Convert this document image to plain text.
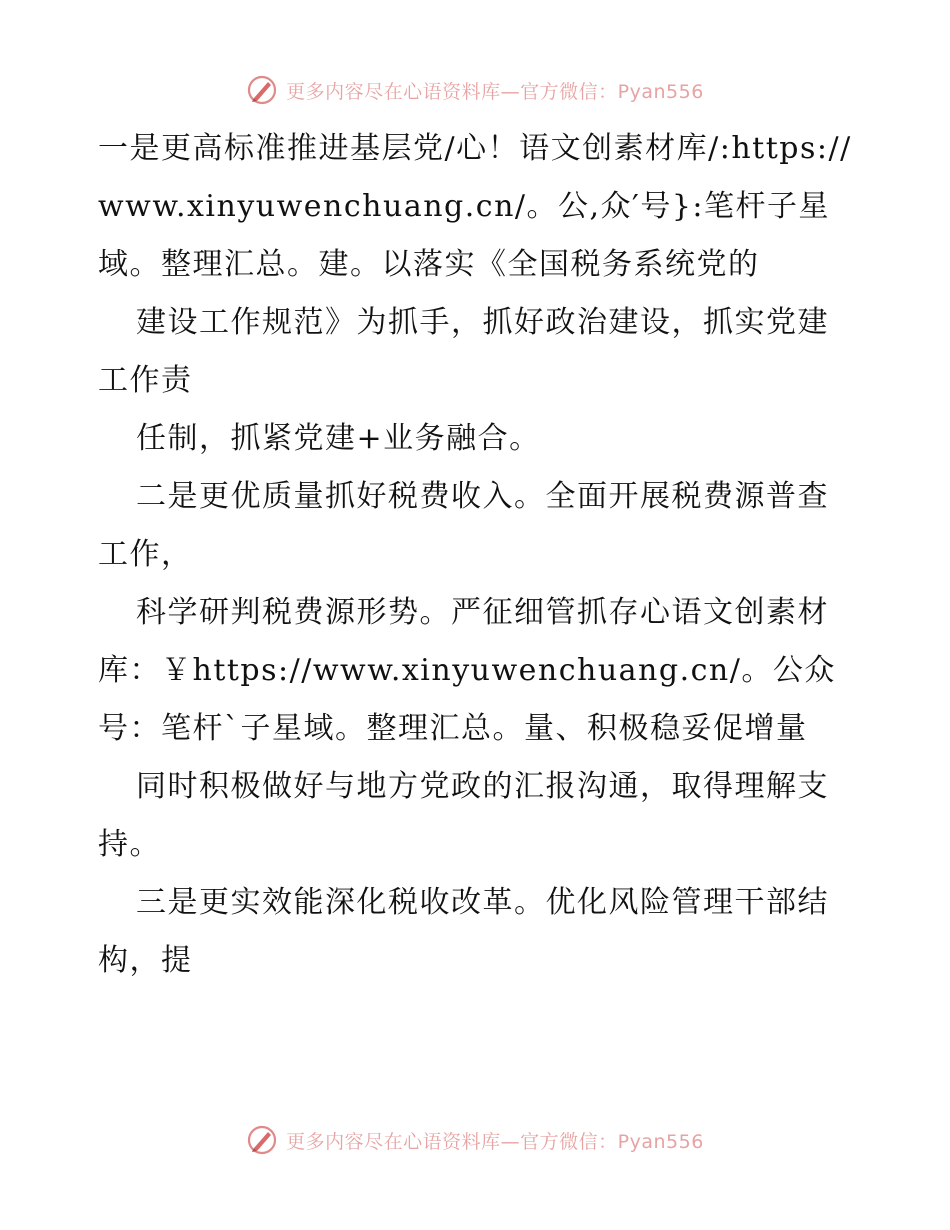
更多内容尽在心语资料库—官方微信：Pyan556

一是更高标准推进基层党/心！语文创素材库/:https://www.xinyuwenchuang.cn/。公,众′号}:笔杆子星域。整理汇总。建。以落实《全国税务系统党的

建设工作规范》为抓手，抓好政治建设，抓实党建工作责

任制，抓紧党建+业务融合。

二是更优质量抓好税费收入。全面开展税费源普查工作，

科学研判税费源形势。严征细管抓存心语文创素材库：￥https://www.xinyuwenchuang.cn/。公众号：笔杆`子星域。整理汇总。量、积极稳妥促增量

同时积极做好与地方党政的汇报沟通，取得理解支持。

三是更实效能深化税收改革。优化风险管理干部结构，提

更多内容尽在心语资料库—官方微信：Pyan556
